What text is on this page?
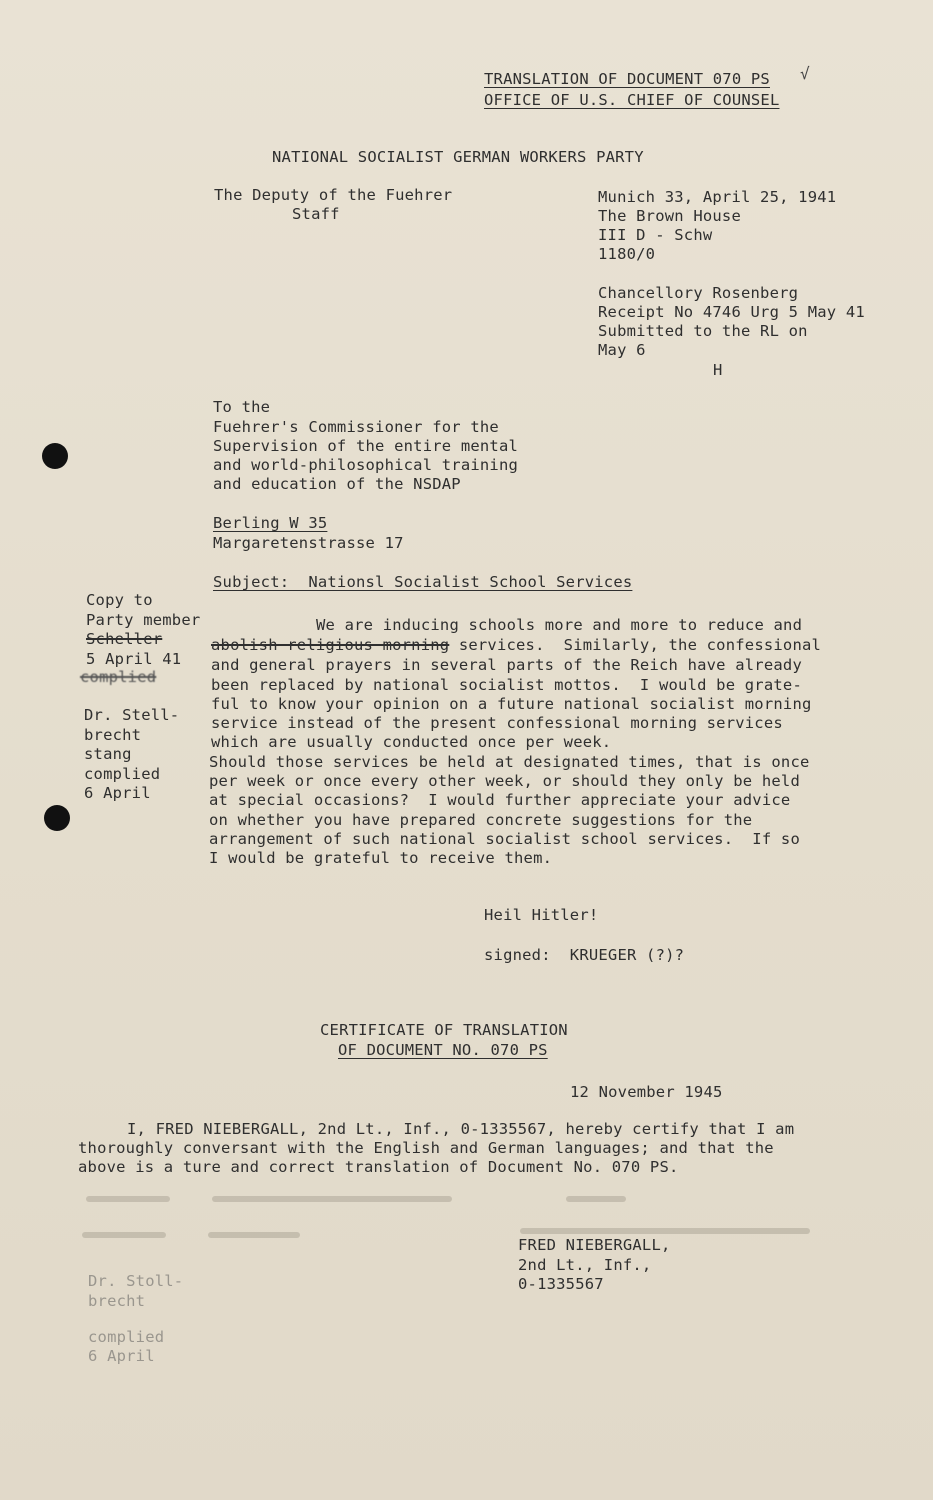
√
TRANSLATION OF DOCUMENT 070 PS
OFFICE OF U.S. CHIEF OF COUNSEL
NATIONAL SOCIALIST GERMAN WORKERS PARTY
The Deputy of the Fuehrer
Staff
Munich 33, April 25, 1941
The Brown House
III D - Schw
1180/0
Chancellory Rosenberg
Receipt No 4746 Urg 5 May 41
Submitted to the RL on
May 6
H
To the
Fuehrer's Commissioner for the
Supervision of the entire mental
and world-philosophical training
and education of the NSDAP
Berling W 35
Margaretenstrasse 17
Subject:  Nationsl Socialist School Services
Copy to
Party member
Scheller
5 April 41
complied
Dr. Stell-
brecht
stang
complied
6 April
We are inducing schools more and more to reduce and
abolish religious morning services.  Similarly, the confessional
and general prayers in several parts of the Reich have already
been replaced by national socialist mottos.  I would be grate-
ful to know your opinion on a future national socialist morning
service instead of the present confessional morning services
which are usually conducted once per week.
Should those services be held at designated times, that is once
per week or once every other week, or should they only be held
at special occasions?  I would further appreciate your advice
on whether you have prepared concrete suggestions for the
arrangement of such national socialist school services.  If so
I would be grateful to receive them.
Heil Hitler!
signed:  KRUEGER (?)?
CERTIFICATE OF TRANSLATION
OF DOCUMENT NO. 070 PS
12 November 1945
I, FRED NIEBERGALL, 2nd Lt., Inf., 0-1335567, hereby certify that I am
thoroughly conversant with the English and German languages; and that the
above is a ture and correct translation of Document No. 070 PS.
FRED NIEBERGALL,
2nd Lt., Inf.,
0-1335567
Dr. Stoll-
brecht
complied
6 April
